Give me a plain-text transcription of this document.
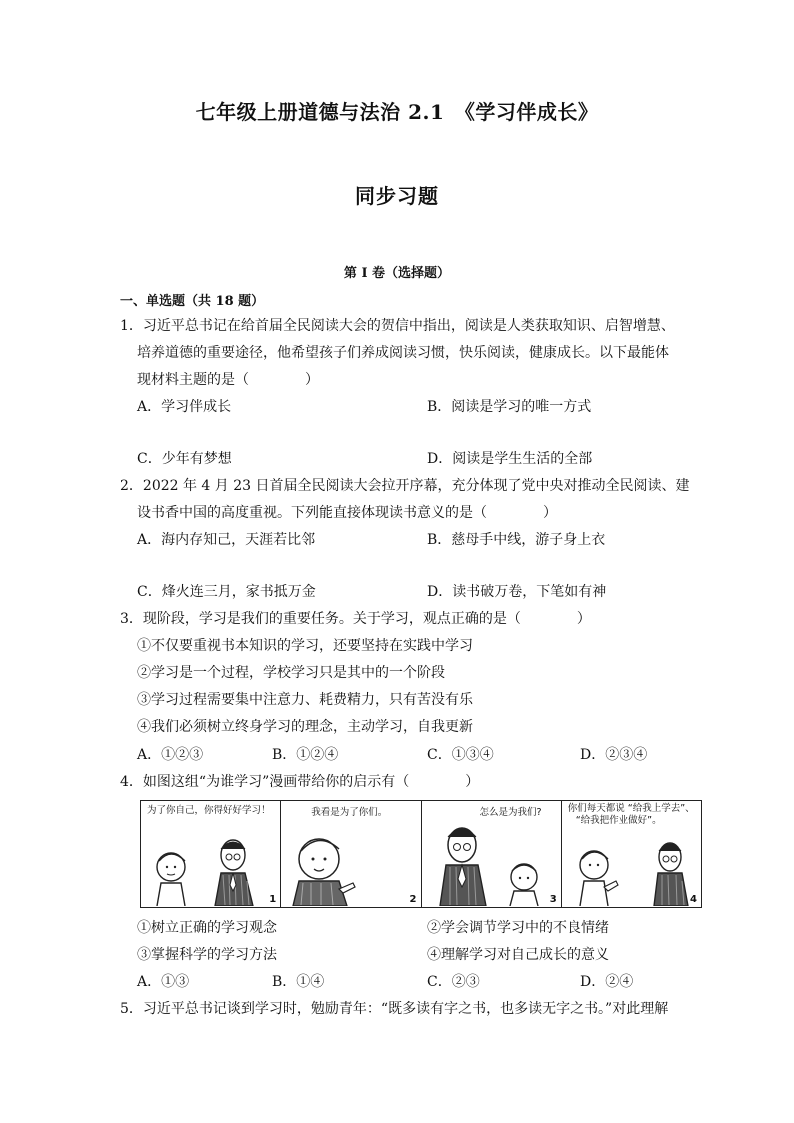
七年级上册道德与法治 2.1　《学习伴成长》
同步习题
第 I 卷（选择题）
一、单选题（共 18 题）
1．习近平总书记在给首届全民阅读大会的贺信中指出，阅读是人类获取知识、启智增慧、
培养道德的重要途径，他希望孩子们养成阅读习惯，快乐阅读，健康成长。以下最能体
现材料主题的是（　　　　）
A．学习伴成长	B．阅读是学习的唯一方式
C．少年有梦想	D．阅读是学生生活的全部
2．2022 年 4 月 23 日首届全民阅读大会拉开序幕，充分体现了党中央对推动全民阅读、建
设书香中国的高度重视。下列能直接体现读书意义的是（　　　　）
A．海内存知己，天涯若比邻	B．慈母手中线，游子身上衣
C．烽火连三月，家书抵万金	D．读书破万卷，下笔如有神
3．现阶段，学习是我们的重要任务。关于学习，观点正确的是（　　　　）
①不仅要重视书本知识的学习，还要坚持在实践中学习
②学习是一个过程，学校学习只是其中的一个阶段
③学习过程需要集中注意力、耗费精力，只有苦没有乐
④我们必须树立终身学习的理念，主动学习，自我更新
A．①②③	B．①②④	C．①③④	D．②③④
4．如图这组“为谁学习”漫画带给你的启示有（　　　　）
为了你自己，你得好好学习！
1
我看是为了你们。
2
怎么是为我们?
3
你们每天都说 “给我上学去”、
“给我把作业做好”。
4
①树立正确的学习观念	②学会调节学习中的不良情绪
③掌握科学的学习方法	④理解学习对自己成长的意义
A．①③	B．①④	C．②③	D．②④
5．习近平总书记谈到学习时，勉励青年：“既多读有字之书，也多读无字之书。”对此理解
